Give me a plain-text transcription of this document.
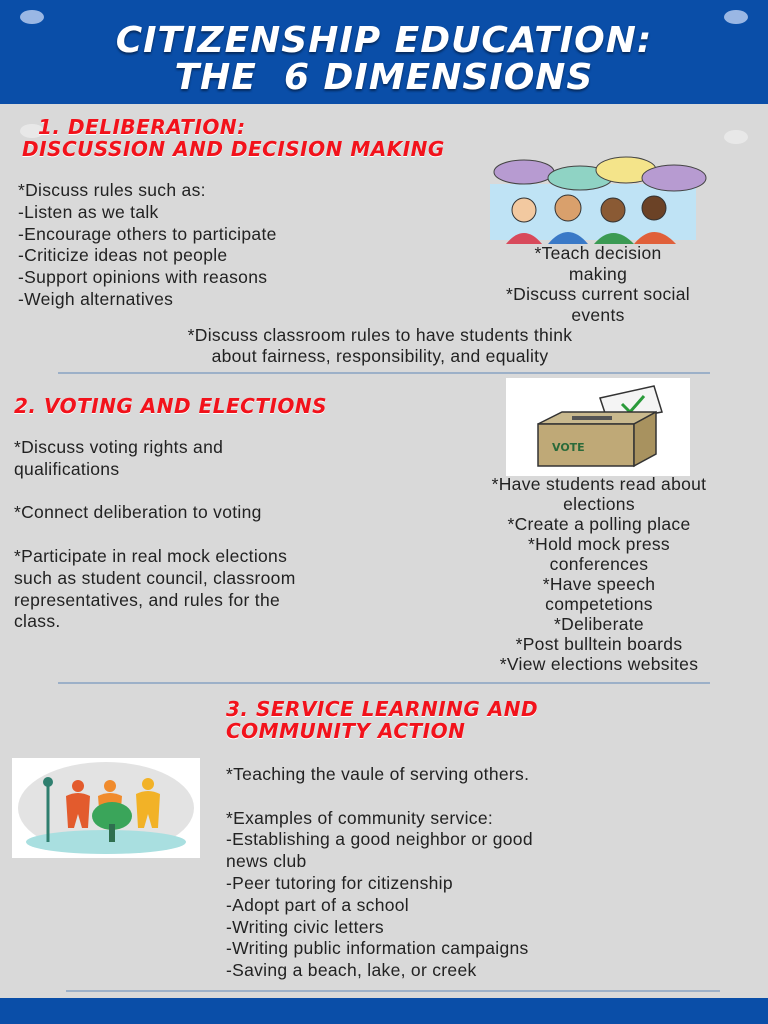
CITIZENSHIP EDUCATION:
THE  6 DIMENSIONS
1. DELIBERATION:
DISCUSSION AND DECISION MAKING
*Discuss rules such as:
-Listen as we talk
-Encourage others to participate
-Criticize ideas not people
-Support opinions with reasons
-Weigh alternatives
*Teach decision
making
*Discuss current social
events
*Discuss classroom rules to have students think
about fairness, responsibility, and equality
2. VOTING AND ELECTIONS
VOTE
*Discuss voting rights and
qualifications
*Connect deliberation to voting
*Participate in real mock elections
such as student council, classroom
representatives, and rules for the
class.
*Have students read about
elections
*Create a polling place
*Hold mock press
conferences
*Have speech
competetions
*Deliberate
*Post bulltein boards
*View elections websites
3. SERVICE LEARNING AND
COMMUNITY ACTION
*Teaching the vaule of serving others.
*Examples of community service:
-Establishing a good neighbor or good
news club
-Peer tutoring for citizenship
-Adopt part of a school
-Writing civic letters
-Writing public information campaigns
-Saving a beach, lake, or creek
